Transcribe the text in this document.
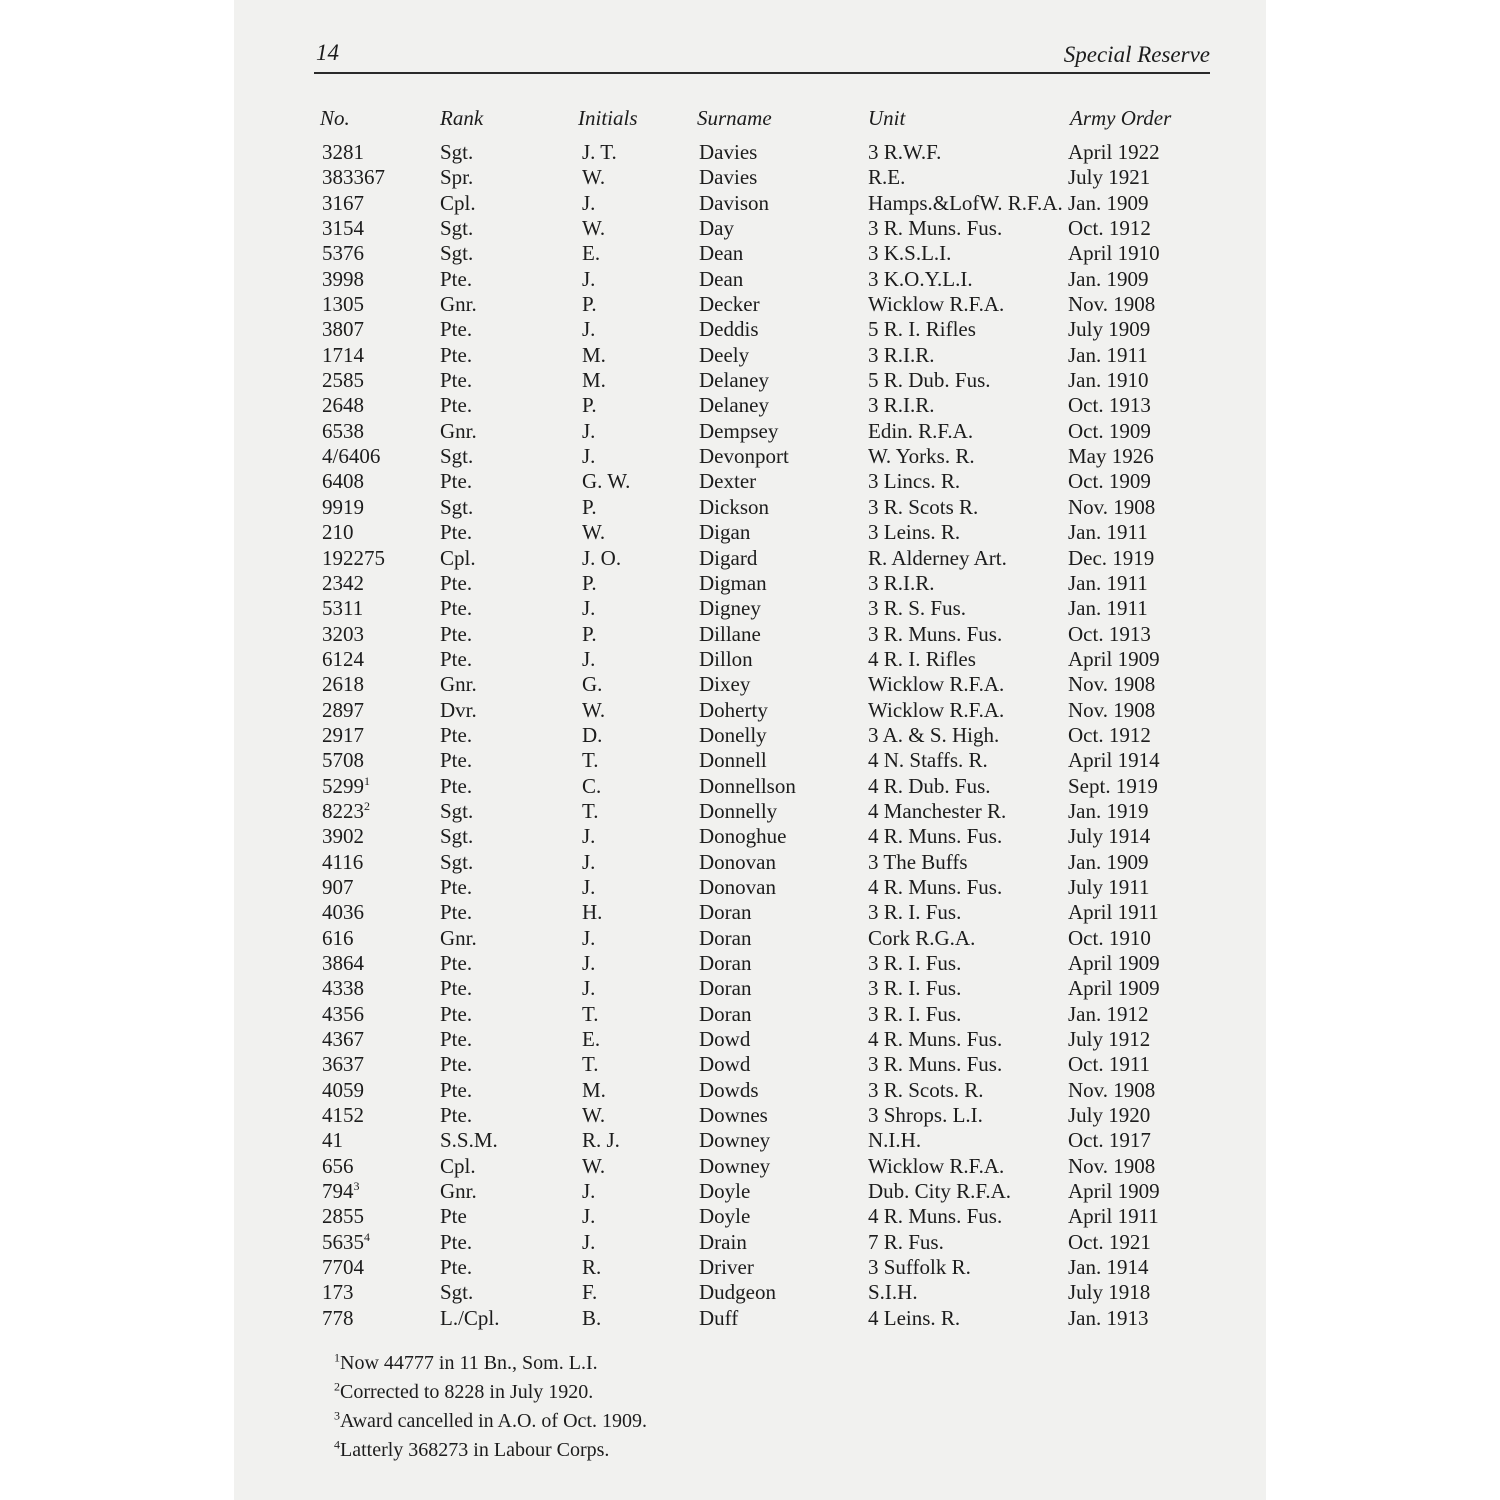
14	Special Reserve
No.	Rank	Initials	Surname	Unit	Army Order
3281	Sgt.	J. T.	Davies	3 R.W.F.	April 1922
383367	Spr.	W.	Davies	R.E.	July 1921
3167	Cpl.	J.	Davison	Hamps.&LofW. R.F.A. Jan. 1909
3154	Sgt.	W.	Day	3 R. Muns. Fus.	Oct. 1912
5376	Sgt.	E.	Dean	3 K.S.L.I.	April 1910
3998	Pte.	J.	Dean	3 K.O.Y.L.I.	Jan. 1909
1305	Gnr.	P.	Decker	Wicklow R.F.A.	Nov. 1908
3807	Pte.	J.	Deddis	5 R. I. Rifles	July 1909
1714	Pte.	M.	Deely	3 R.I.R.	Jan. 1911
2585	Pte.	M.	Delaney	5 R. Dub. Fus.	Jan. 1910
2648	Pte.	P.	Delaney	3 R.I.R.	Oct. 1913
6538	Gnr.	J.	Dempsey	Edin. R.F.A.	Oct. 1909
4/6406	Sgt.	J.	Devonport	W. Yorks. R.	May 1926
6408	Pte.	G. W.	Dexter	3 Lincs. R.	Oct. 1909
9919	Sgt.	P.	Dickson	3 R. Scots R.	Nov. 1908
210	Pte.	W.	Digan	3 Leins. R.	Jan. 1911
192275	Cpl.	J. O.	Digard	R. Alderney Art.	Dec. 1919
2342	Pte.	P.	Digman	3 R.I.R.	Jan. 1911
5311	Pte.	J.	Digney	3 R. S. Fus.	Jan. 1911
3203	Pte.	P.	Dillane	3 R. Muns. Fus.	Oct. 1913
6124	Pte.	J.	Dillon	4 R. I. Rifles	April 1909
2618	Gnr.	G.	Dixey	Wicklow R.F.A.	Nov. 1908
2897	Dvr.	W.	Doherty	Wicklow R.F.A.	Nov. 1908
2917	Pte.	D.	Donelly	3 A. & S. High.	Oct. 1912
5708	Pte.	T.	Donnell	4 N. Staffs. R.	April 1914
5299$^1$	Pte.	C.	Donnellson	4 R. Dub. Fus.	Sept. 1919
8223$^2$	Sgt.	T.	Donnelly	4 Manchester R.	Jan. 1919
3902	Sgt.	J.	Donoghue	4 R. Muns. Fus.	July 1914
4116	Sgt.	J.	Donovan	3 The Buffs	Jan. 1909
907	Pte.	J.	Donovan	4 R. Muns. Fus.	July 1911
4036	Pte.	H.	Doran	3 R. I. Fus.	April 1911
616	Gnr.	J.	Doran	Cork R.G.A.	Oct. 1910
3864	Pte.	J.	Doran	3 R. I. Fus.	April 1909
4338	Pte.	J.	Doran	3 R. I. Fus.	April 1909
4356	Pte.	T.	Doran	3 R. I. Fus.	Jan. 1912
4367	Pte.	E.	Dowd	4 R. Muns. Fus.	July 1912
3637	Pte.	T.	Dowd	3 R. Muns. Fus.	Oct. 1911
4059	Pte.	M.	Dowds	3 R. Scots. R.	Nov. 1908
4152	Pte.	W.	Downes	3 Shrops. L.I.	July 1920
41	S.S.M.	R. J.	Downey	N.I.H.	Oct. 1917
656	Cpl.	W.	Downey	Wicklow R.F.A.	Nov. 1908
$794^3$	Gnr.	J.	Doyle	Dub. City R.F.A.	April 1909
2855	Pte	J.	Doyle	4 R. Muns. Fus.	April 1911
5635$^4$	Pte.	J.	Drain	7 R. Fus.	Oct. 1921
7704	Pte.	R.	Driver	3 Suffolk R.	Jan. 1914
173	Sgt.	F.	Dudgeon	S.I.H.	July 1918
778	L./Cpl.	B.	Duff	4 Leins. R.	Jan. 1913
$^1$Now 44777 in 11 Bn., Som. L.I.
$^2$Corrected to 8228 in July 1920.
$^3$Award cancelled in A.O. of Oct. 1909.
$^4$Latterly 368273 in Labour Corps.
